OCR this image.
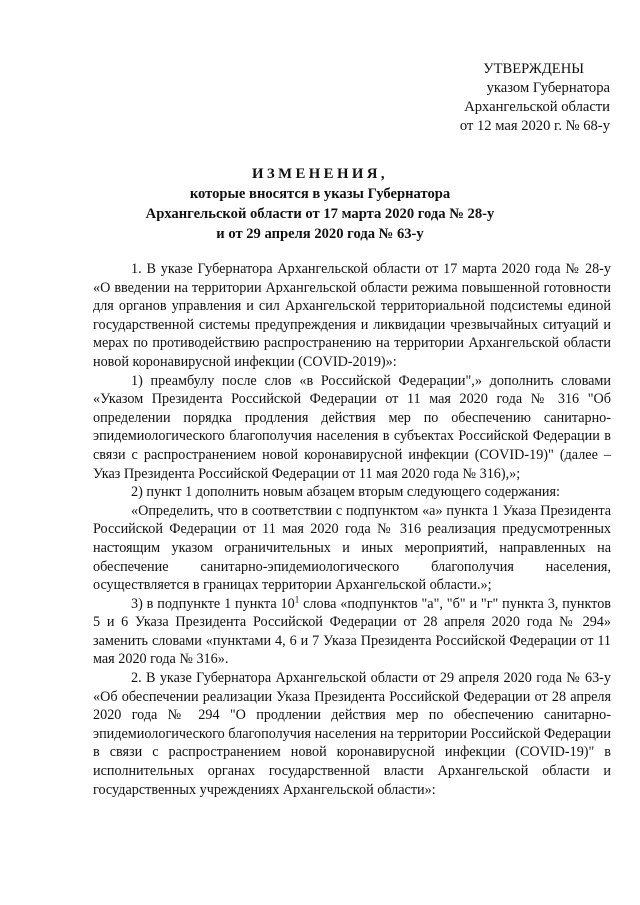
УТВЕРЖДЕНЫ
указом Губернатора
Архангельской области
от 12 мая 2020 г. № 68-у
ИЗМЕНЕНИЯ,
которые вносятся в указы Губернатора
Архангельской области от 17 марта 2020 года № 28-у
и от 29 апреля 2020 года № 63-у

1. В указе Губернатора Архангельской области от 17 марта 2020 года № 28-у «О введении на территории Архангельской области режима повышенной готовности для органов управления и сил Архангельской территориальной подсистемы единой государственной системы предупреждения и ликвидации чрезвычайных ситуаций и мерах по противодействию распространению на территории Архангельской области новой коронавирусной инфекции (COVID-2019)»:

1) преамбулу после слов «в Российской Федерации",» дополнить словами «Указом Президента Российской Федерации от 11 мая 2020 года № 316 "Об определении порядка продления действия мер по обеспечению санитарно-эпидемиологического благополучия населения в субъектах Российской Федерации в связи с распространением новой коронавирусной инфекции (COVID-19)" (далее – Указ Президента Российской Федерации от 11 мая 2020 года № 316),»;

2) пункт 1 дополнить новым абзацем вторым следующего содержания:

«Определить, что в соответствии с подпунктом «а» пункта 1 Указа Президента Российской Федерации от 11 мая 2020 года № 316 реализация предусмотренных настоящим указом ограничительных и иных мероприятий, направленных на обеспечение санитарно-эпидемиологического благополучия населения, осуществляется в границах территории Архангельской области.»;

3) в подпункте 1 пункта $10^1$ слова «подпунктов "а", "б" и "г" пункта 3, пунктов 5 и 6 Указа Президента Российской Федерации от 28 апреля 2020 года № 294» заменить словами «пунктами 4, 6 и 7 Указа Президента Российской Федерации от 11 мая 2020 года № 316».

2. В указе Губернатора Архангельской области от 29 апреля 2020 года № 63-у «Об обеспечении реализации Указа Президента Российской Федерации от 28 апреля 2020 года № 294 "О продлении действия мер по обеспечению санитарно-эпидемиологического благополучия населения на территории Российской Федерации в связи с распространением новой коронавирусной инфекции (COVID-19)" в исполнительных органах государственной власти Архангельской области и государственных учреждениях Архангельской области»:
